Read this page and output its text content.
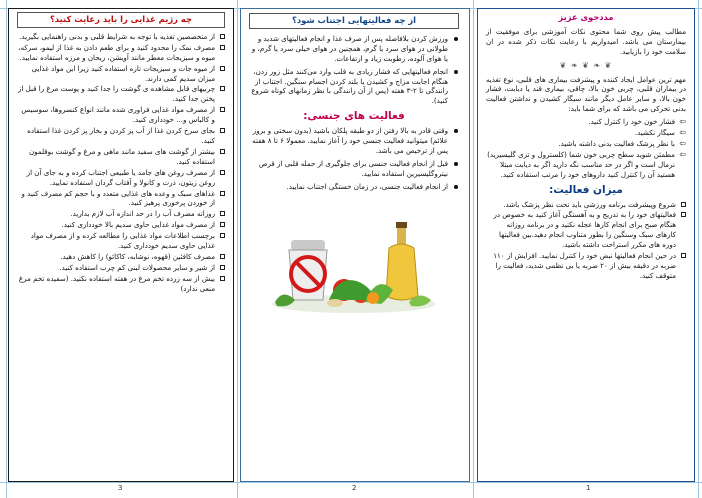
مددجوی عزیز

مطالب پیش روی شما محتوی نکات آموزشی برای موفقیت از بیمارستان می باشد. امیدواریم با رعایت نکات ذکر شده در ان سلامت خود را بازیابید.

❦ ❧ ❦ ❧ ❦

مهم ترین عوامل ایجاد کننده و پیشرفت بیماری های قلبی، نوع تغذیه در بیماران قلبی، چربی خون بالا، چاقی، بیماری قند یا دیابت، فشار خون بالا، و سایر عامل دیگر مانند سیگار کشیدن و نداشتن فعالیت بدنی تحرکی می باشد که برای شما باید:

⇦
فشار خون خود را کنترل کنید.
⇦
سیگار نکشید.
⇦
با نظر پزشک فعالیت بدنی داشته باشید.
⇦
مطمئن شوید سطح چربی خون شما (کلسترول و تری گلیسیرید) نرمال است و اگر در حد مناسب نگه دارید اگر به دیابت مبتلا هستید آن را کنترل کنید داروهای خود را مرتب استفاده کنید.
میزان فعالیت:
شروع وپیشرفت برنامه ورزشی باید تحت نظر پزشک باشد.
فعالیتهای خود را به تدریج و به آهستگی آغاز کنید به خصوص در هنگام صبح برای انجام کارها عجله نکنید و در برنامه روزانه کارهای سبک وسنگین را بطور متناوب انجام دهید.بین فعالیتها دوره های مکرر استراحت داشته باشید.
در حین انجام فعالیتها نبض خود را کنترل نمایید. افزایش از ۱۱۰ ضربه در دقیقه بیش از ۲۰ ضربه یا بی نظمی شدید، فعالیت را متوقف کنید.
از چه فعالیتهایی اجتناب شود؟
ورزش کردن بلافاصله پس از صرف غذا و انجام فعالیتهای شدید و طولانی در هوای سرد یا گرم، همچنین در هوای خیلی سرد یا گرم، و یا هوای آلوده، رطوبت زیاد و ارتفاعات.
انجام فعالیتهایی که فشار زیادی به قلب وارد می‌کنند مثل زور زدن، هنگام اجابت مزاج و کشیدن یا بلند کردن اجسام سنگین. اجتناب از رانندگی تا ۲-۳ هفته (پس از آن رانندگی با نظر زمانهای کوتاه شروع کنید).
فعالیت های جنسی:
وقتی قادر به بالا رفتن از دو طبقه پلکان باشید (بدون سختی و بروز علائم) میتوانید فعالیت جنسی خود را آغاز نمایید. معمولا ۶ تا ۸ هفته پس از ترخیص می باشد.
قبل از انجام فعالیت جنسی برای جلوگیری از حمله قلبی از قرص نیتروگلیسیرین استفاده نمایید.
از انجام فعالیت جنسی، در زمان خستگی اجتناب نمایید.
چه رژیم غذایی را باید رعایت کنید؟
از متخصصین تغذیه با توجه به شرایط قلبی و بدنی راهنمایی بگیرید.
مصرف نمک را محدود کنید و برای طعم دادن به غذا از لیمو، سرکه، میوه و سبزیجات معطر مانند آویشن، ریحان و مرزه استفاده نمایید.
از میوه جات و سبزیجات تازه استفاده کنید زیرا این مواد غذایی میزان سدیم کمی دارند.
چربیهای قابل مشاهده ی گوشت را جدا کنید و پوست مرغ را قبل از پختن جدا کنید.
از مصرف مواد غذایی فراوری شده مانند انواع کنسروها، سوسیس و کالباس و... خودداری کنید.
بجای سرخ کردن غذا از آب پز کردن و بخار پز کردن غذا استفاده کنید.
بیشتر از گوشت های سفید مانند ماهی و مرغ و گوشت بوقلمون استفاده کنید.
از مصرف روغن های جامد یا طبیعی اجتناب کرده و به جای آن از روغن زیتون، ذرت و کانولا و آفتاب گردان استفاده نمایید.
غذاهای سبک و وعده های غذایی متعدد و با حجم کم مصرف کنید و از خوردن پرخوری پرهیز کنید.
روزانه مصرف آب را در حد اندازه آب لازم بدارید.
از مصرف مواد غذایی حاوی سدیم بالا خودداری کنید.
برچسب اطلاعات مواد غذایی را مطالعه کرده و از مصرف مواد غذایی حاوی سدیم خودداری کنید.
مصرف کافئین (قهوه، نوشابه، کاکائو) را کاهش دهید.
از شیر و سایر محصولات لبنی کم چرب استفاده کنید.
بیش از سه زرده تخم مرغ در هفته استفاده نکنید. (سفیده تخم مرغ منعی ندارد)
1
2
3
